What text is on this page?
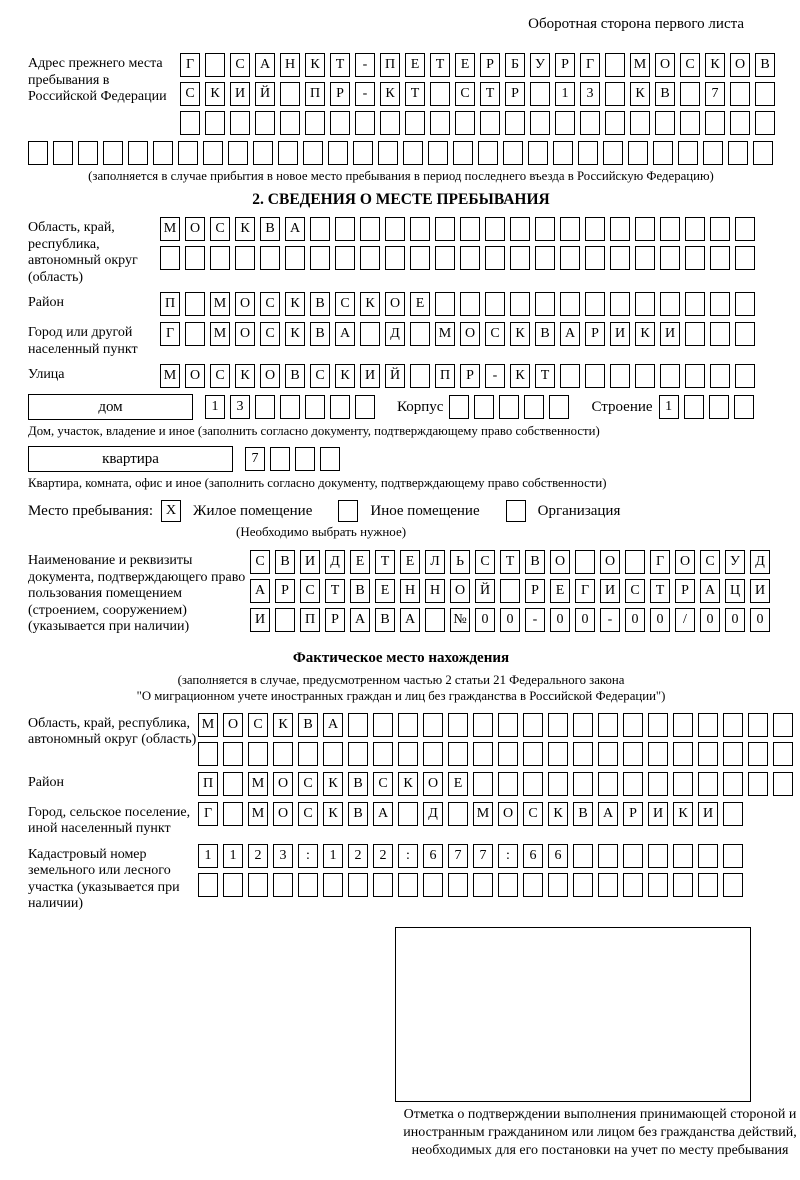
Оборотная сторона первого листа
Адрес прежнего места пребывания в Российской Федерации
Г	С	А	Н	К	Т	-	П	Е	Т	Е	Р	Б	У	Р	Г	М О	С	К	О	В
С	К	И	Й	П	Р	-	К	Т	С	Т	Р	1	3	К	В	7
(заполняется в случае прибытия в новое место пребывания в период последнего въезда в Российскую Федерацию)
2. СВЕДЕНИЯ О МЕСТЕ ПРЕБЫВАНИЯ
Область, край, республика, автономный округ (область)
М О	С	К	В	А
Район	П	М О	С	К	В	С	К	О	Е
Город или другой населенный пункт
Г	М О	С	К	В	А	Д	М О	С	К	В	А	Р	И	К	И
Улица	М О	С	К	О	В	С	К	И	Й	П	Р	-	К	Т
дом	1	3	Корпус	Строение 1
Дом, участок, владение и иное (заполнить согласно документу, подтверждающему право собственности)
квартира	7
Квартира, комната, офис и иное (заполнить согласно документу, подтверждающему право собственности)
Место пребывания: X	Жилое помещение	Иное помещение	Организация
(Необходимо выбрать нужное)
Наименование и реквизиты документа, подтверждающего право пользования помещением (строением, сооружением) (указывается при наличии)
С	В	И	Д	Е	Т	Е	Л	Ь	С	Т	В	О	О	Г	О	С	У	Д
А	Р	С	Т	В	Е	Н	Н	О	Й	Р	Е	Г	И	С	Т	Р	А	Ц	И
И	П	Р	А	В	А	№	0	0	-	0	0	-	0	0	/	0	0	0
Фактическое место нахождения
(заполняется в случае, предусмотренном частью 2 статьи 21 Федерального закона
"О миграционном учете иностранных граждан и лиц без гражданства в Российской Федерации")
Область, край, республика, автономный округ (область)
М О	С	К	В	А
Район	П	М О	С	К	В	С	К	О	Е
Город, сельское поселение, иной населенный пункт
Г	М О	С	К	В	А	Д	М О	С	К	В	А	Р	И	К	И
Кадастровый номер земельного или лесного участка (указывается при наличии)
1	1	2	3	:	1	2	2	:	6	7	7	:	6	6
Отметка о подтверждении выполнения принимающей стороной и иностранным гражданином или лицом без гражданства действий, необходимых для его постановки на учет по месту пребывания
